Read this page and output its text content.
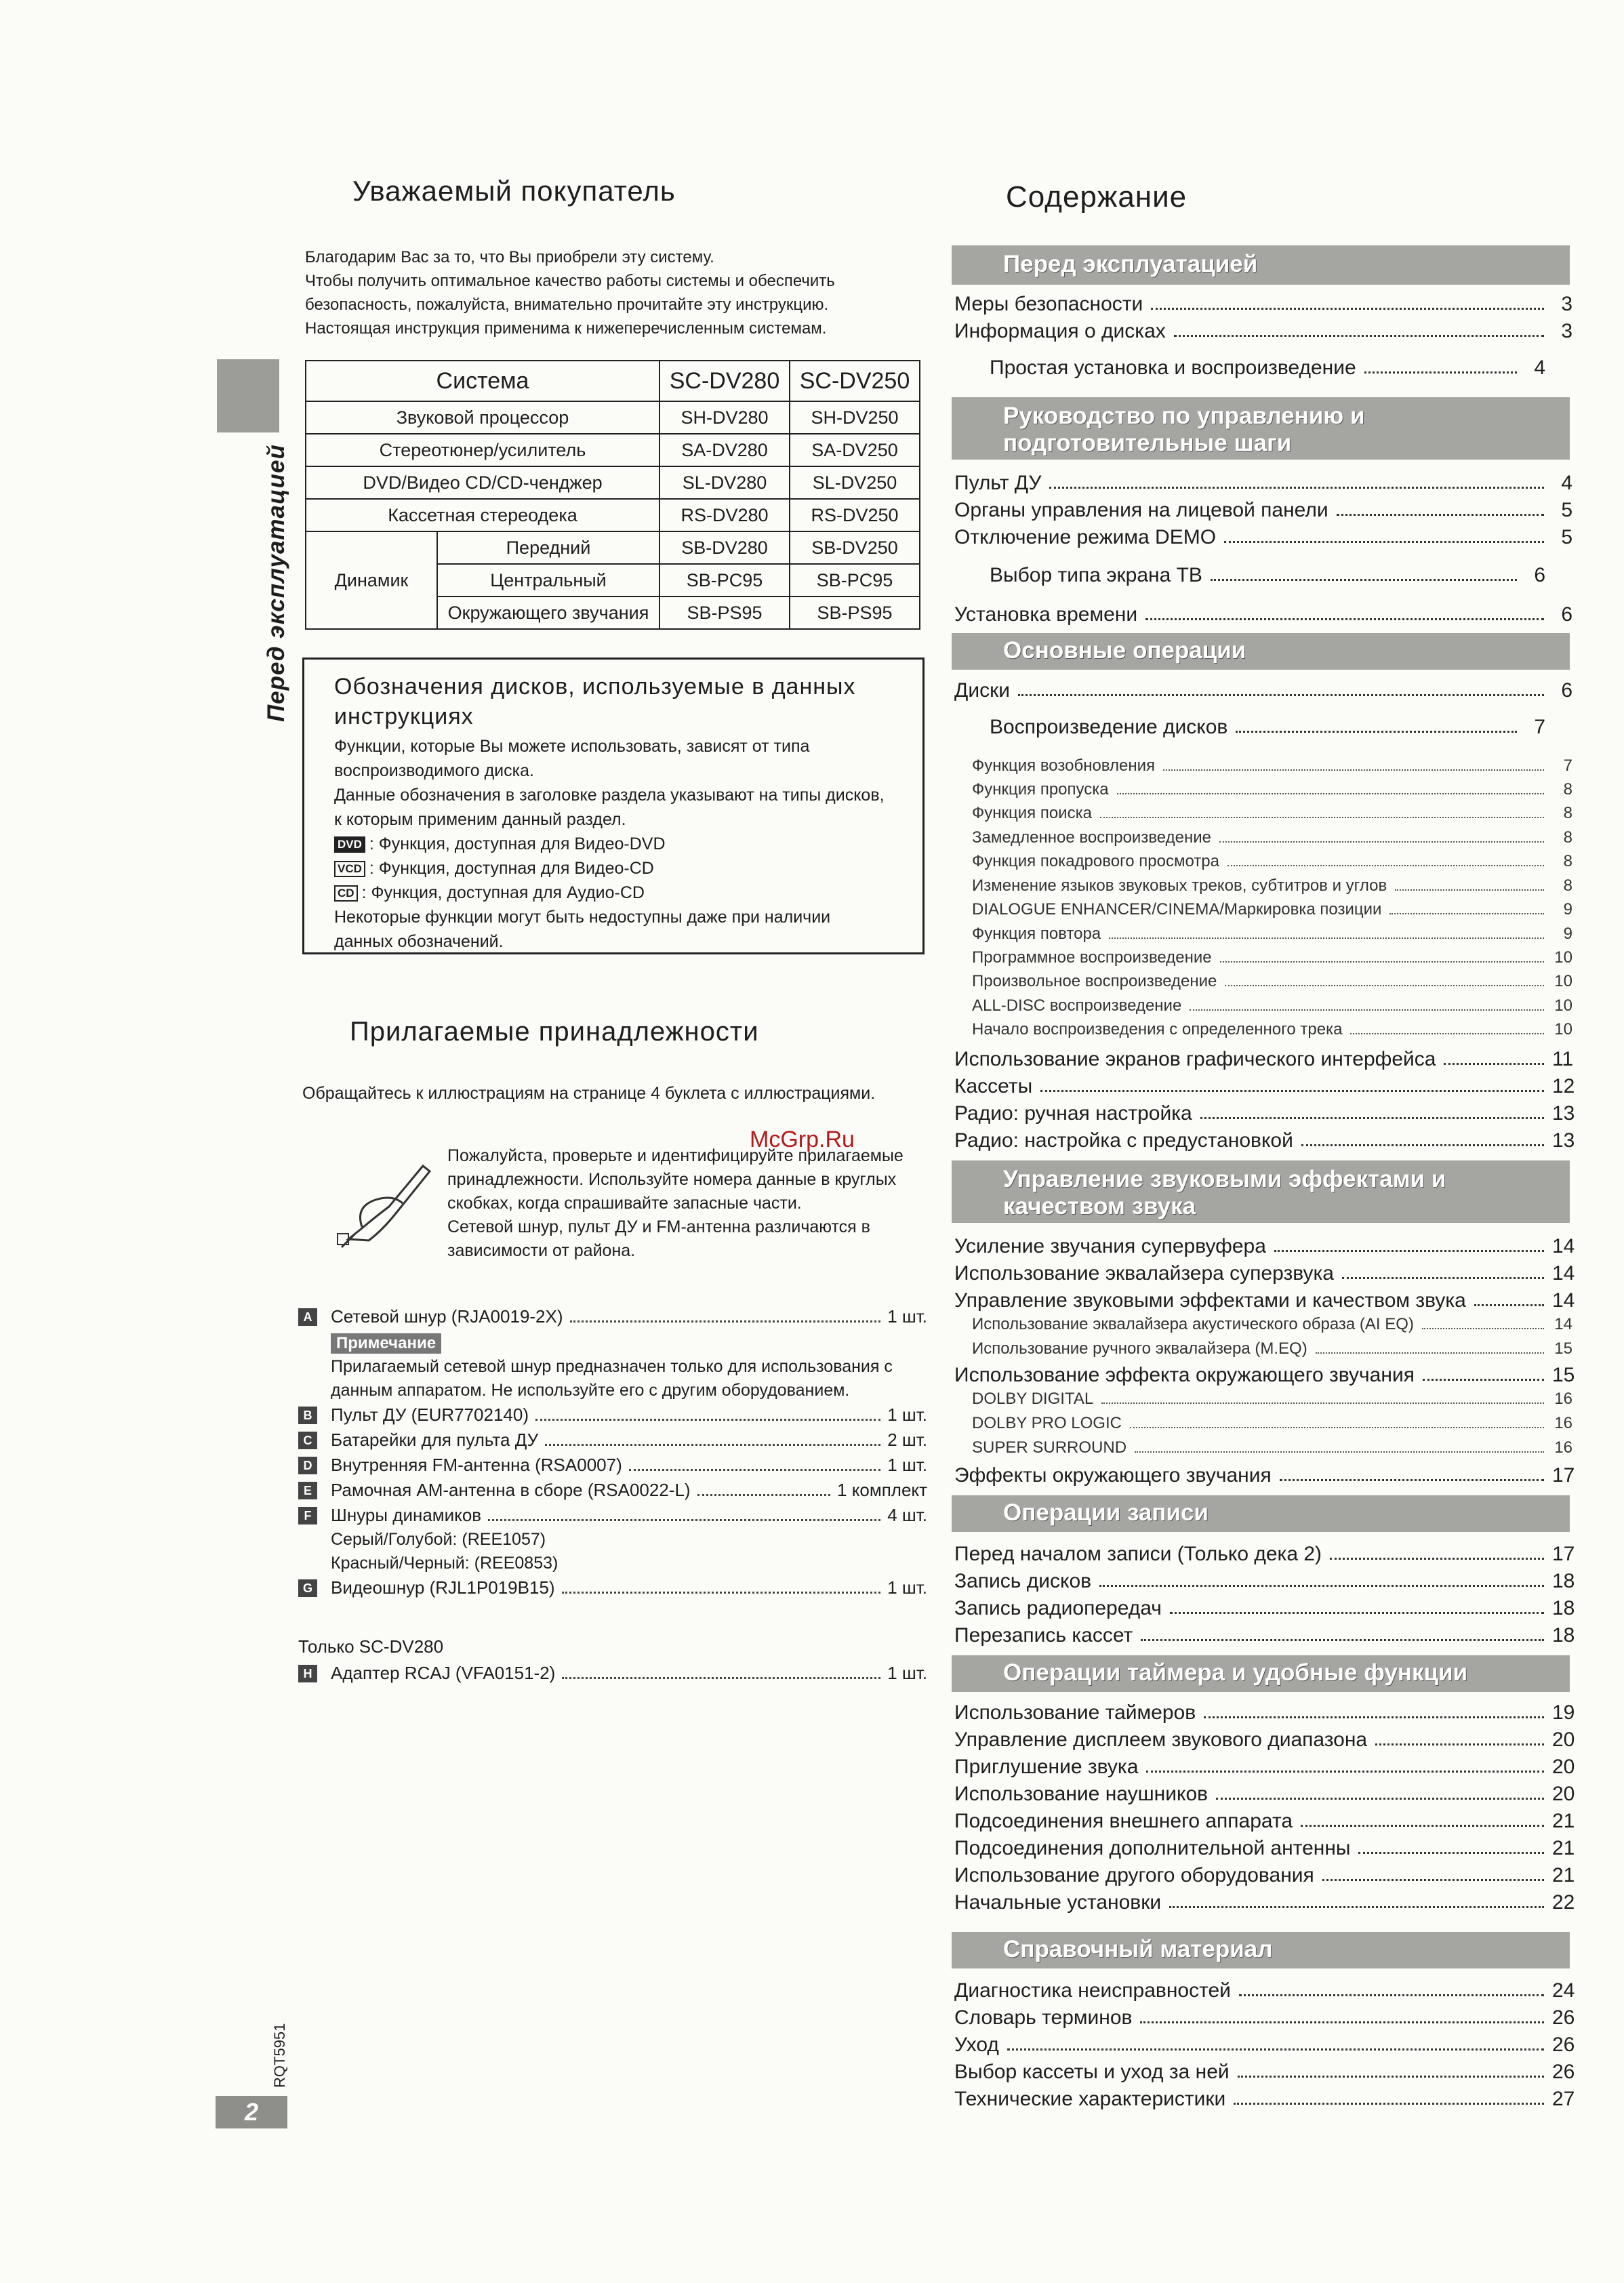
Перед эксплуатацией
RQT5951
2
McGrp.Ru
Уважаемый покупатель

Благодарим Вас за то, что Вы приобрели эту систему.

Чтобы получить оптимальное качество работы системы и обеспечить безопасность, пожалуйста, внимательно прочитайте эту инструкцию.

Настоящая инструкция применима к нижеперечисленным системам.

Система		SC-DV280	SC-DV250
Звуковой процессор		SH-DV280	SH-DV250
Стереотюнер/усилитель		SA-DV280	SA-DV250
DVD/Видео CD/CD-ченджер		SL-DV280	SL-DV250
Кассетная стереодека		RS-DV280	RS-DV250
Динамик	Передний	SB-DV280	SB-DV250
	Центральный	SB-PC95	SB-PC95
	Окружающего звучания	SB-PS95	SB-PS95
Обозначения дисков, используемые в данных инструкциях
Функции, которые Вы можете использовать, зависят от типа воспроизводимого диска.
Данные обозначения в заголовке раздела указывают на типы дисков, к которым применим данный раздел.
DVD : Функция, доступная для Видео-DVD
VCD : Функция, доступная для Видео-CD
CD : Функция, доступная для Аудио-CD
Некоторые функции могут быть недоступны даже при наличии данных обозначений.
Прилагаемые принадлежности
Обращайтесь к иллюстрациям на странице 4 буклета с иллюстрациями.
Пожалуйста, проверьте и идентифицируйте прилагаемые принадлежности. Используйте номера данные в круглых скобках, когда спрашивайте запасные части.
Сетевой шнур, пульт ДУ и FM-антенна различаются в зависимости от района.
A Сетевой шнур (RJA0019-2X)	1 шт.
Примечание
Прилагаемый сетевой шнур предназначен только для использования с данным аппаратом. Не используйте его с другим оборудованием.
B Пульт ДУ (EUR7702140)	1 шт.
C Батарейки для пульта ДУ	2 шт.
D Внутренняя FM-антенна (RSA0007)	1 шт.
E	Рамочная АМ-антенна в сборе (RSA0022-L)	1 комплект
F	Шнуры динамиков	4 шт.
Серый/Голубой: (REE1057)
Красный/Черный: (REE0853)
G Видеошнур (RJL1P019B15)	1 шт.
Только SC-DV280
H Адаптер RCAJ (VFA0151-2)	1 шт.
Содержание
Перед эксплуатацией
Меры безопасности	3
Информация о дисках	3
Простая установка и воспроизведение	4
Руководство по управлению и подготовительные шаги
Пульт ДУ	4
Органы управления на лицевой панели	5
Отключение режима DEMO	5
Выбор типа экрана ТВ	6
Установка времени	6
Основные операции
Диски	6
Воспроизведение дисков	7
Функция возобновления	7
Функция пропуска	8
Функция поиска	8
Замедленное воспроизведение	8
Функция покадрового просмотра	8
Изменение языков звуковых треков, субтитров и углов	8
DIALOGUE ENHANCER/CINEMA/Маркировка позиции	9
Функция повтора	9
Программное воспроизведение	10
Произвольное воспроизведение	10
ALL-DISC воспроизведение	10
Начало воспроизведения с определенного трека	10
Использование экранов графического интерфейса	11
Кассеты	12
Радио: ручная настройка	13
Радио: настройка с предустановкой	13
Управление звуковыми эффектами и качеством звука
Усиление звучания супервуфера	14
Использование эквалайзера суперзвука	14
Управление звуковыми эффектами и качеством звука	14
Использование эквалайзера акустического образа (AI EQ)	14
Использование ручного эквалайзера (M.EQ)	15
Использование эффекта окружающего звучания	15
DOLBY DIGITAL	16
DOLBY PRO LOGIC	16
SUPER SURROUND	16
Эффекты окружающего звучания	17
Операции записи
Перед началом записи (Только дека 2)	17
Запись дисков	18
Запись радиопередач	18
Перезапись кассет	18
Операции таймера и удобные функции
Использование таймеров	19
Управление дисплеем звукового диапазона	20
Приглушение звука	20
Использование наушников	20
Подсоединения внешнего аппарата	21
Подсоединения дополнительной антенны	21
Использование другого оборудования	21
Начальные установки	22
Справочный материал
Диагностика неисправностей	24
Словарь терминов	26
Уход	26
Выбор кассеты и уход за ней	26
Технические характеристики	27
